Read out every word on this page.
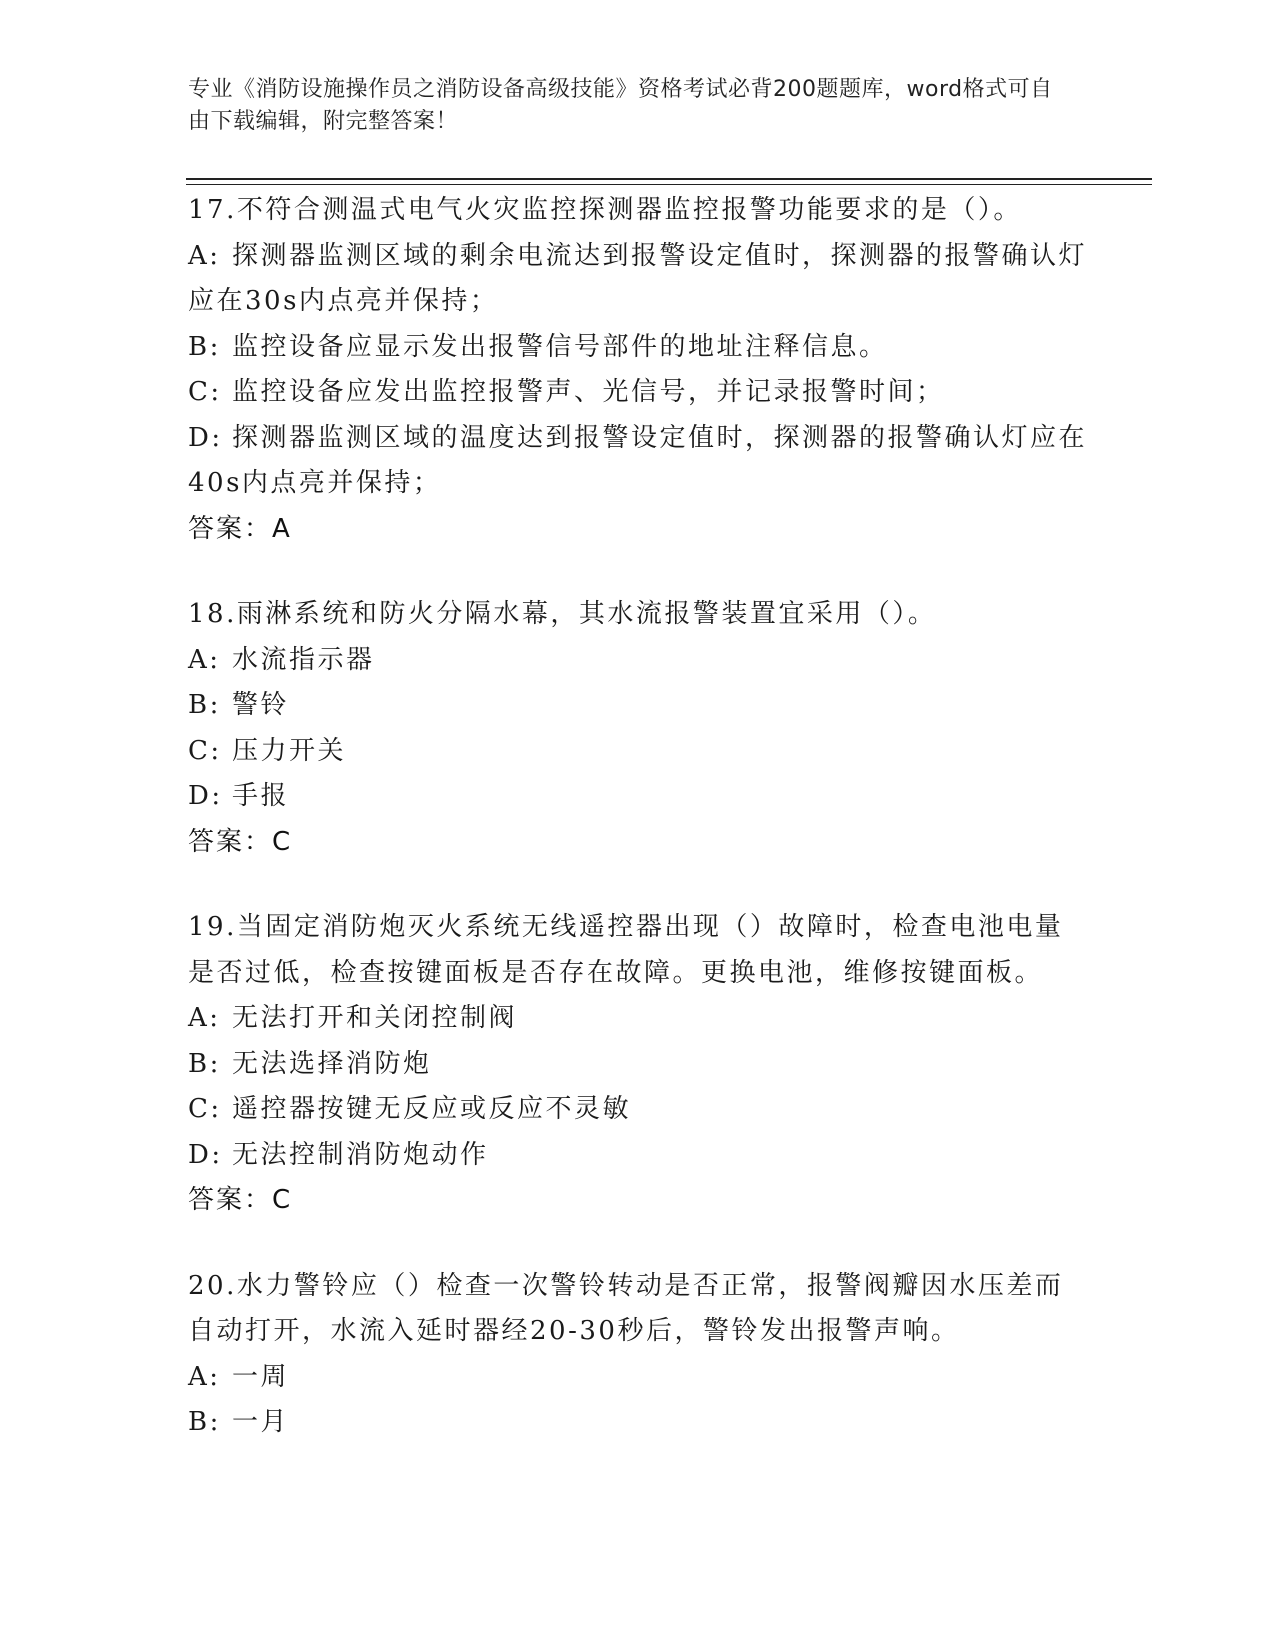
专业《消防设施操作员之消防设备高级技能》资格考试必背200题题库，word格式可自由下载编辑，附完整答案！

17.不符合测温式电气火灾监控探测器监控报警功能要求的是（）。

A: 探测器监测区域的剩余电流达到报警设定值时，探测器的报警确认灯应在30s内点亮并保持；

B: 监控设备应显示发出报警信号部件的地址注释信息。

C: 监控设备应发出监控报警声、光信号，并记录报警时间；

D: 探测器监测区域的温度达到报警设定值时，探测器的报警确认灯应在40s内点亮并保持；

答案：A

18.雨淋系统和防火分隔水幕，其水流报警装置宜采用（）。

A: 水流指示器

B: 警铃

C: 压力开关

D: 手报

答案：C

19.当固定消防炮灭火系统无线遥控器出现（）故障时，检查电池电量是否过低，检查按键面板是否存在故障。更换电池，维修按键面板。

A: 无法打开和关闭控制阀

B: 无法选择消防炮

C: 遥控器按键无反应或反应不灵敏

D: 无法控制消防炮动作

答案：C

20.水力警铃应（）检查一次警铃转动是否正常，报警阀瓣因水压差而自动打开，水流入延时器经20-30秒后，警铃发出报警声响。

A: 一周

B: 一月
